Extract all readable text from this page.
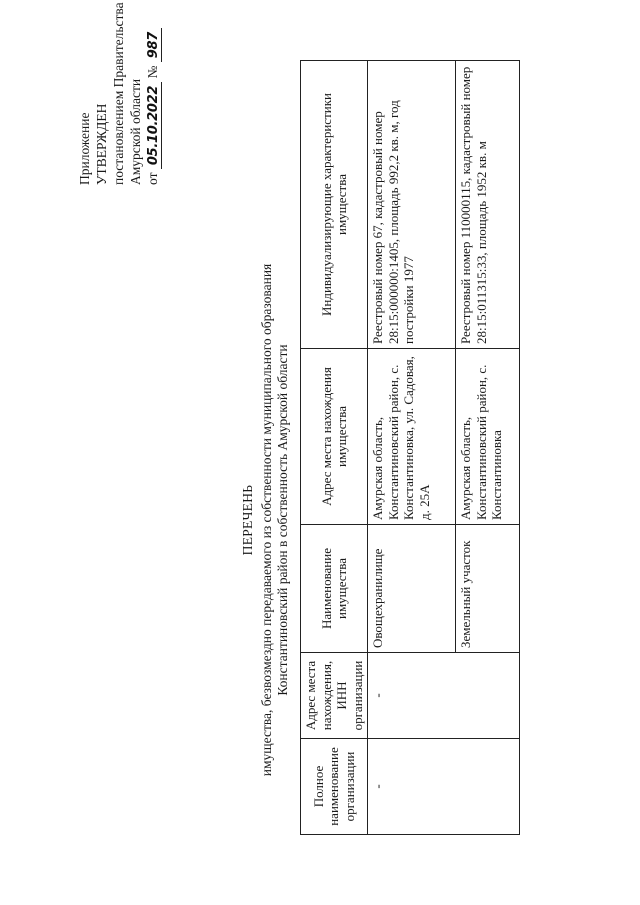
Приложение УТВЕРЖДЕН постановлением Правительства Амурской области от 05.10.2022 № 987
ПЕРЕЧЕНЬ имущества, безвозмездно передаваемого из собственности муниципального образования Константиновский район в собственность Амурской области
Полное наименование организации	Адрес места нахождения, ИНН организации	Наименование имущества	Адрес места нахождения имущества	Индивидуализирующие характеристики имущества
-	-	Овощехранилище	Амурская область, Константиновский район, с. Константиновка, ул. Садовая, д. 25А	Реестровый номер 67, кадастровый номер 28:15:000000:1405, площадь 992,2 кв. м, год постройки 1977
		Земельный участок	Амурская область, Константиновский район, с. Константиновка	Реестровый номер 110000115, кадастровый номер 28:15:011315:33, площадь 1952 кв. м
